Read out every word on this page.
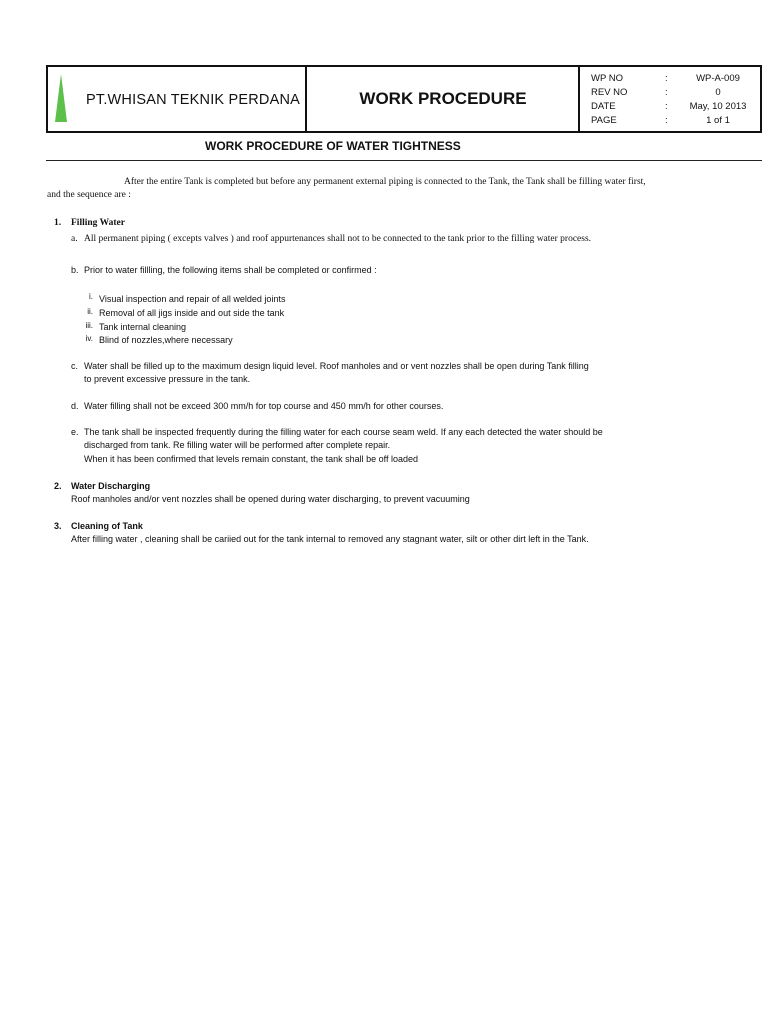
PT.WHISAN TEKNIK PERDANA	WORK PROCEDURE
WP NO	:	WP-A-009
REV NO	:	0
DATE	:	May, 10 2013
PAGE	:	1 of 1
WORK PROCEDURE OF WATER TIGHTNESS
After the entire Tank is completed but before any permanent external piping is connected to the Tank, the Tank shall be filling water first,
and the sequence are :
1. Filling Water
a. All permanent piping ( excepts valves ) and roof appurtenances shall not to be connected to the tank prior to the filling water process.
b. Prior to water fillling, the following items shall be completed or confirmed :
i. Visual inspection and repair of all welded joints
ii. Removal of all jigs inside and out side the tank
iii. Tank internal cleaning
iv. Blind of nozzles,where necessary
c. Water shall be filled up to the maximum design liquid level. Roof manholes and or vent nozzles shall be open during Tank filling
to prevent excessive pressure in the tank.
d. Water filling shall not be exceed 300 mm/h for top course and 450 mm/h for other courses.
e. The tank shall be inspected frequently during the filling water for each course seam weld. If any each detected the water should be
discharged from tank. Re filling water will be performed after complete repair.
When it has been confirmed that levels remain constant, the tank shall be off loaded
2. Water Discharging
Roof manholes and/or vent nozzles shall be opened during water discharging, to prevent vacuuming
3. Cleaning of Tank
After filling water , cleaning shall be cariied out for the tank internal to removed any stagnant water, silt or other dirt left in the Tank.
